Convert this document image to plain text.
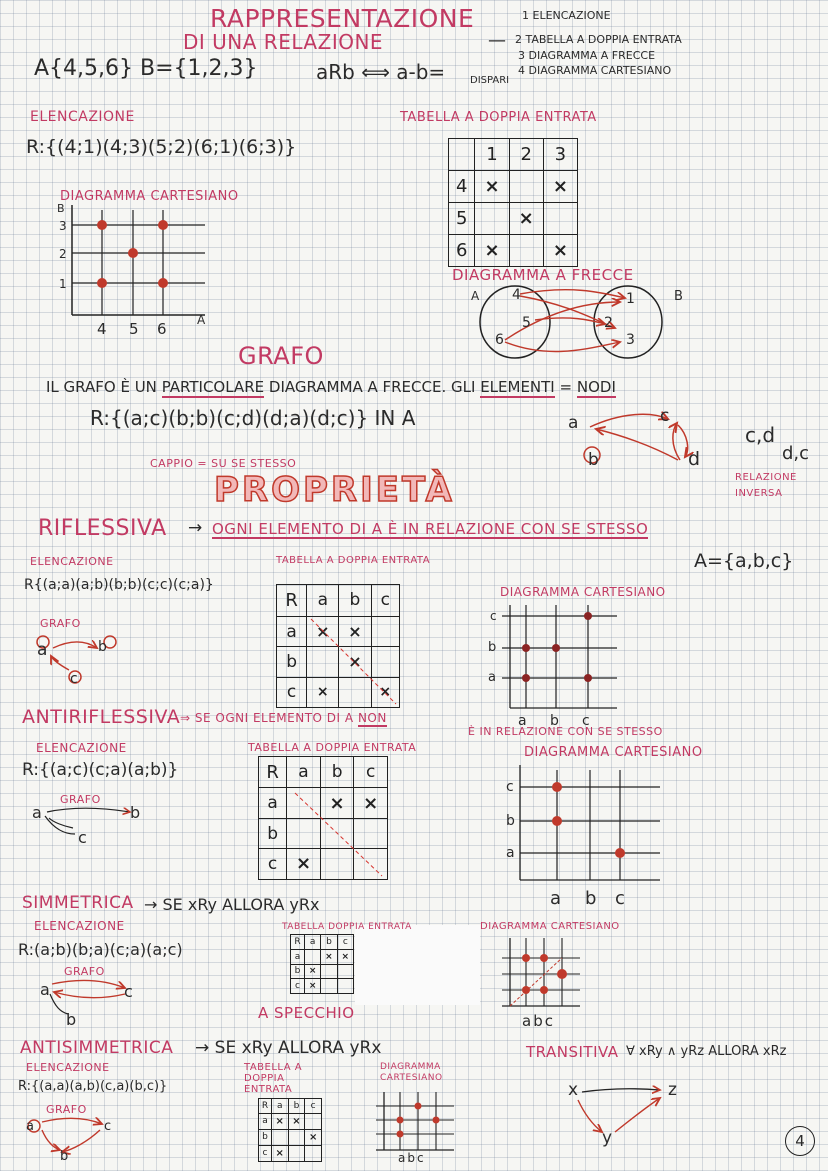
RAPPRESENTAZIONE
DI UNA RELAZIONE	—
1 ELENCAZIONE
2 TABELLA A DOPPIA ENTRATA
3 DIAGRAMMA A FRECCE
4 DIAGRAMMA CARTESIANO
A{4,5,6} B={1,2,3}	aRb ⟺ a-b= DISPARI
ELENCAZIONE
R:{(4;1)(4;3)(5;2)(6;1)(6;3)}
TABELLA A DOPPIA ENTRATA
	1	2	3
4	×		×
5		×	
6	×		×
DIAGRAMMA CARTESIANO
B
3
2
1
4 5 6	A
DIAGRAMMA A FRECCE
A	B
4
5
6
1
2
3
GRAFO
IL GRAFO È UN PARTICOLARE DIAGRAMMA A FRECCE. GLI ELEMENTI = NODI
R:{(a;c)(b;b)(c;d)(d;a)(d;c)} IN A
CAPPIO = SU SE STESSO
a	c
b	d
c,d
d,c
RELAZIONE INVERSA
PROPRIETÀ
RIFLESSIVA → OGNI ELEMENTO DI A È IN RELAZIONE CON SE STESSO
A={a,b,c}
ELENCAZIONE
R{(a;a)(a;b)(b;b)(c;c)(c;a)}
GRAFO
a	b
c
TABELLA A DOPPIA ENTRATA
R	a	b	c
a	×	×	
b		×	
c	×		×
DIAGRAMMA CARTESIANO
c
b
a
a b c
ANTIRIFLESSIVA ⇒ SE OGNI ELEMENTO DI A NON
È IN RELAZIONE CON SE STESSO
ELENCAZIONE
R:{(a;c)(c;a)(a;b)}
GRAFO
a	b
c
TABELLA A DOPPIA ENTRATA
R	a	b	c
a		×	×
b			
c	×		
DIAGRAMMA CARTESIANO
c
b
a
a b c
SIMMETRICA → SE xRy ALLORA yRx
ELENCAZIONE
R:(a;b)(b;a)(c;a)(a;c)
GRAFO
a
b
c
TABELLA DOPPIA ENTRATA
R	a	b	c
a		×	×
b	×		
c	×		
DIAGRAMMA CARTESIANO
abc
A SPECCHIO
ANTISIMMETRICA → SE xRy ALLORA yRx
ELENCAZIONE
R:{(a,a)(a,b)(c,a)(b,c)}
GRAFO
a	c
b
TABELLA A DOPPIA ENTRATA
R	a	b	c
a	×	×	
b			×
c	×		
DIAGRAMMA CARTESIANO
abc
TRANSITIVA ∀ xRy ∧ yRz ALLORA xRz
x	z
y	4
